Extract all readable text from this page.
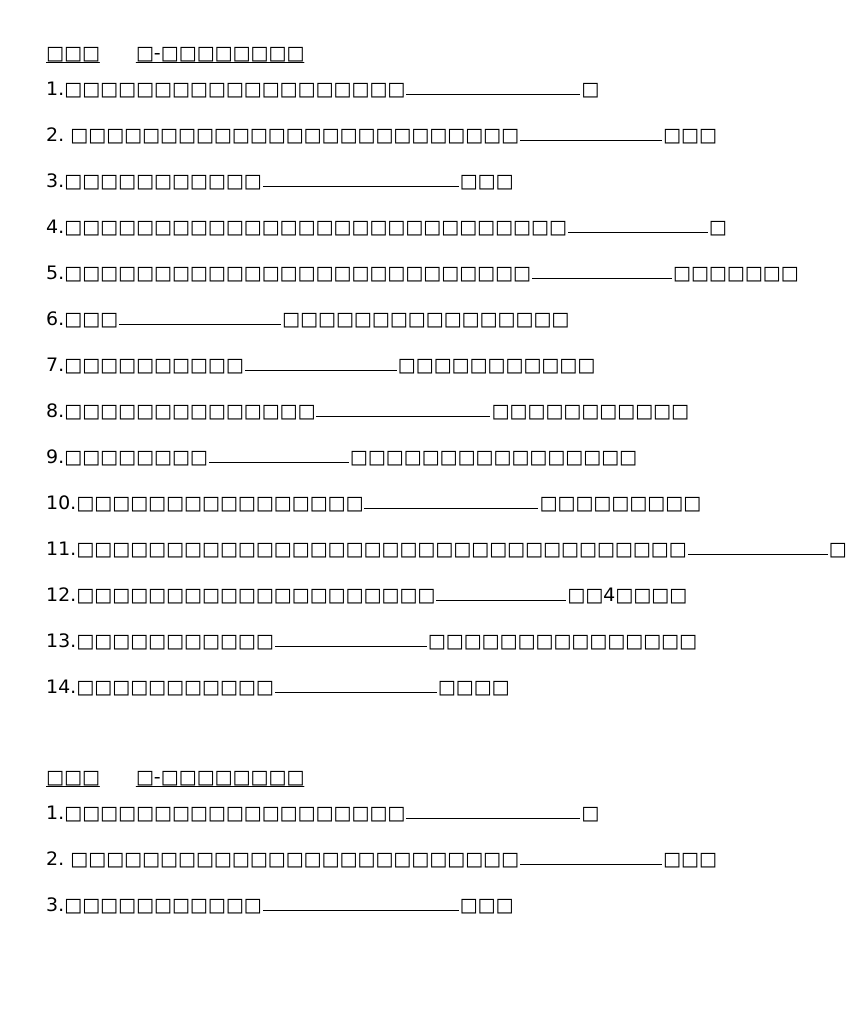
□□□ □-□□□□□□□□
1.□□□□□□□□□□□□□□□□□□□	□
2. □□□□□□□□□□□□□□□□□□□□□□□□□	□□□
3.□□□□□□□□□□□	□□□
4.□□□□□□□□□□□□□□□□□□□□□□□□□□□□	□
5.□□□□□□□□□□□□□□□□□□□□□□□□□□	□□□□□□□
6.□□□	□□□□□□□□□□□□□□□□
7.□□□□□□□□□□	□□□□□□□□□□□
8.□□□□□□□□□□□□□□	□□□□□□□□□□□
9.□□□□□□□□	□□□□□□□□□□□□□□□□
10.□□□□□□□□□□□□□□□□	□□□□□□□□□
11.□□□□□□□□□□□□□□□□□□□□□□□□□□□□□□□□□□	□
12.□□□□□□□□□□□□□□□□□□□□	□□4□□□□
13.□□□□□□□□□□□	□□□□□□□□□□□□□□□
14.□□□□□□□□□□□	□□□□
□□□ □-□□□□□□□□
1.□□□□□□□□□□□□□□□□□□□	□
2. □□□□□□□□□□□□□□□□□□□□□□□□□	□□□
3.□□□□□□□□□□□	□□□
